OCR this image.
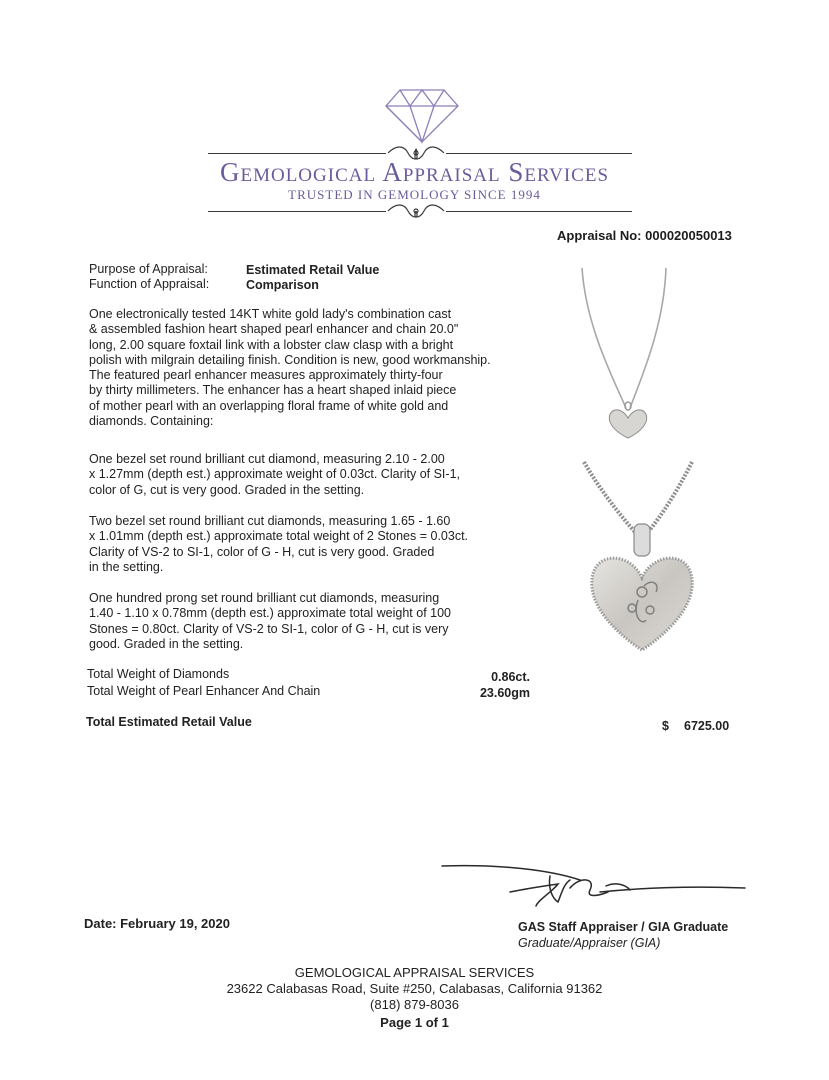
Gemological Appraisal Services
TRUSTED IN GEMOLOGY SINCE 1994
Appraisal No: 000020050013
Purpose of Appraisal:	Estimated Retail Value
Function of Appraisal:	Comparison
One electronically tested 14KT white gold lady's combination cast
& assembled fashion heart shaped pearl enhancer and chain 20.0"
long, 2.00 square foxtail link with a lobster claw clasp with a bright
polish with milgrain detailing finish. Condition is new, good workmanship.
The featured pearl enhancer measures approximately thirty-four
by thirty millimeters. The enhancer has a heart shaped inlaid piece
of mother pearl with an overlapping floral frame of white gold and
diamonds. Containing:
One bezel set round brilliant cut diamond, measuring 2.10 - 2.00
x 1.27mm (depth est.) approximate weight of 0.03ct. Clarity of SI-1,
color of G, cut is very good. Graded in the setting.
Two bezel set round brilliant cut diamonds, measuring 1.65 - 1.60
x 1.01mm (depth est.) approximate total weight of 2 Stones = 0.03ct.
Clarity of VS-2 to SI-1, color of G - H, cut is very good. Graded
in the setting.
One hundred prong set round brilliant cut diamonds, measuring
1.40 - 1.10 x 0.78mm (depth est.) approximate total weight of 100
Stones = 0.80ct. Clarity of VS-2 to SI-1, color of G - H, cut is very
good. Graded in the setting.
Total Weight of Diamonds	0.86ct.
Total Weight of Pearl Enhancer And Chain	23.60gm
Total Estimated Retail Value	$ 6725.00
Date: February 19, 2020	GAS Staff Appraiser / GIA Graduate
Graduate/Appraiser (GIA)
GEMOLOGICAL APPRAISAL SERVICES
23622 Calabasas Road, Suite #250, Calabasas, California 91362
(818) 879-8036
Page 1 of 1
